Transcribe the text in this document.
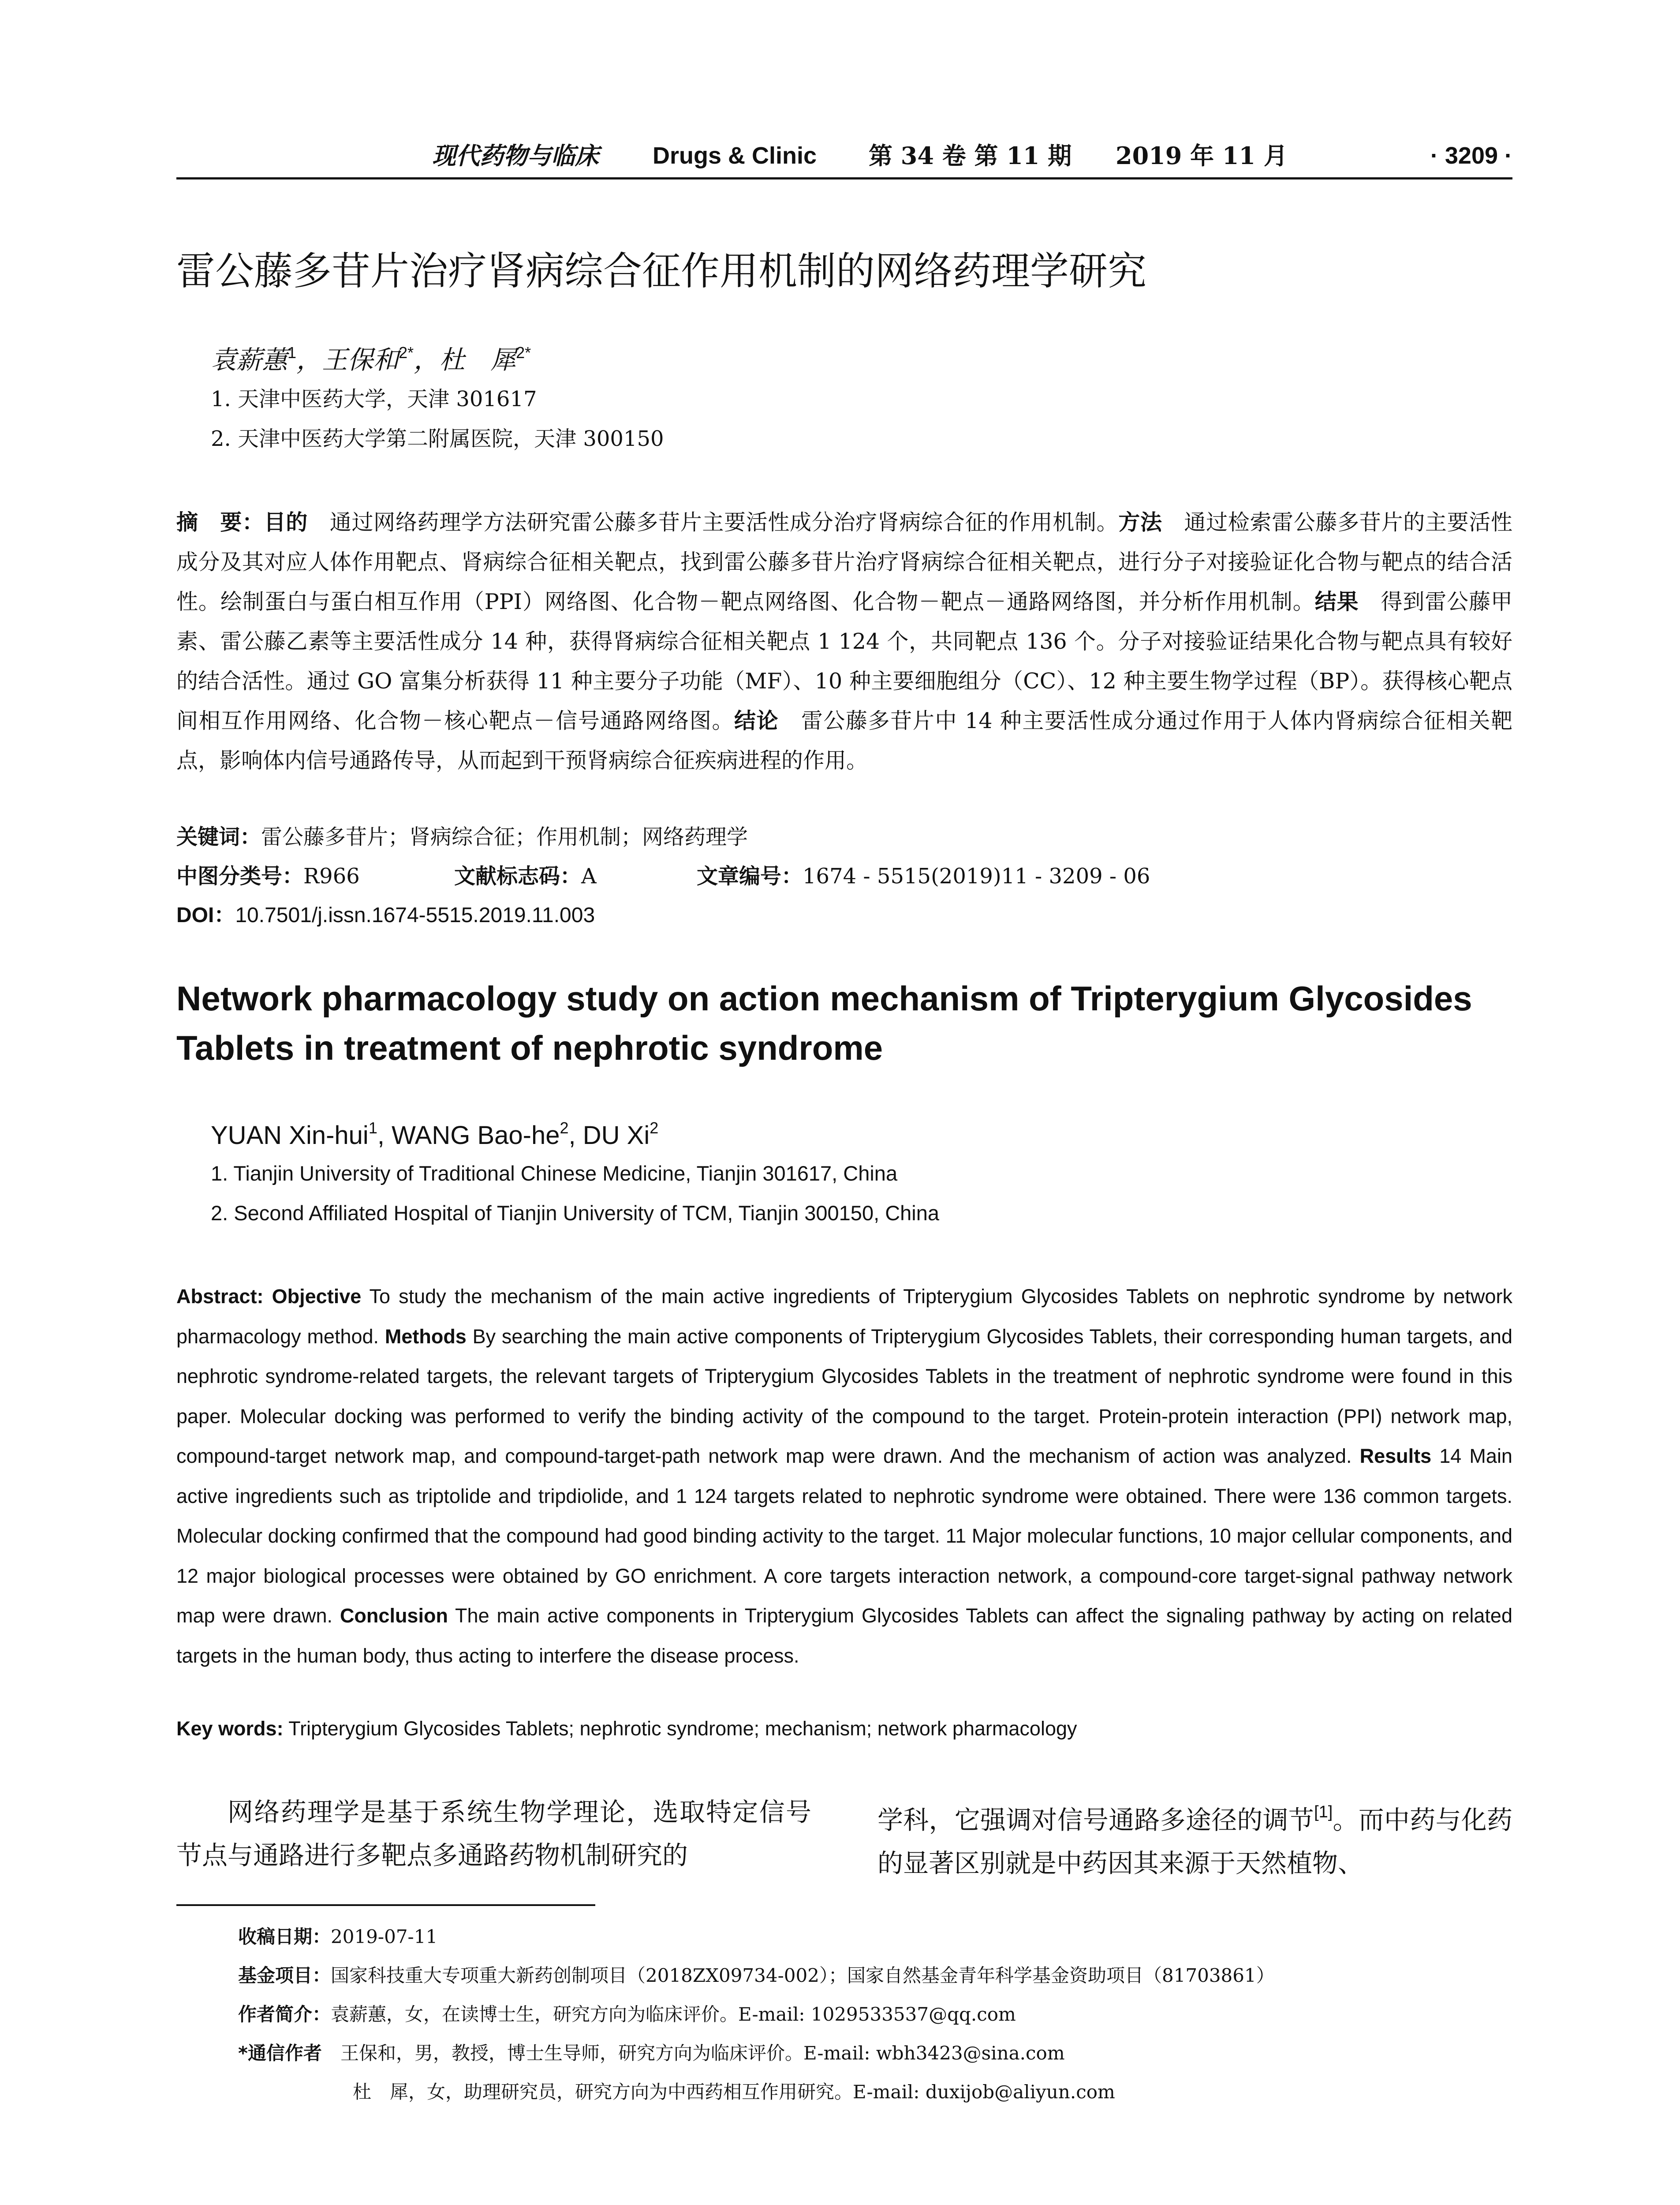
现代药物与临床 Drugs & Clinic 第 34 卷 第 11 期 2019 年 11 月	· 3209 ·
雷公藤多苷片治疗肾病综合征作用机制的网络药理学研究
袁薪蕙$^1$，王保和$^{2*}$，杜　犀$^{2*}$
1. 天津中医药大学，天津 301617
2. 天津中医药大学第二附属医院，天津 300150
摘　要：目的　通过网络药理学方法研究雷公藤多苷片主要活性成分治疗肾病综合征的作用机制。方法　通过检索雷公藤多苷片的主要活性成分及其对应人体作用靶点、肾病综合征相关靶点，找到雷公藤多苷片治疗肾病综合征相关靶点，进行分子对接验证化合物与靶点的结合活性。绘制蛋白与蛋白相互作用（PPI）网络图、化合物－靶点网络图、化合物－靶点－通路网络图，并分析作用机制。结果　得到雷公藤甲素、雷公藤乙素等主要活性成分 14 种，获得肾病综合征相关靶点 1 124 个，共同靶点 136 个。分子对接验证结果化合物与靶点具有较好的结合活性。通过 GO 富集分析获得 11 种主要分子功能（MF）、10 种主要细胞组分（CC）、12 种主要生物学过程（BP）。获得核心靶点间相互作用网络、化合物－核心靶点－信号通路网络图。结论　雷公藤多苷片中 14 种主要活性成分通过作用于人体内肾病综合征相关靶点，影响体内信号通路传导，从而起到干预肾病综合征疾病进程的作用。
关键词：雷公藤多苷片；肾病综合征；作用机制；网络药理学
中图分类号：R966	文献标志码：A	文章编号：1674 - 5515(2019)11 - 3209 - 06
DOI：10.7501/j.issn.1674-5515.2019.11.003
Network pharmacology study on action mechanism of Tripterygium Glycosides Tablets in treatment of nephrotic syndrome
YUAN Xin-hui$^1$, WANG Bao-$he^2$, DU Xi$^2$
1. Tianjin University of Traditional Chinese Medicine, Tianjin 301617, China
2. Second Affiliated Hospital of Tianjin University of TCM, Tianjin 300150, China
Abstract: Objective To study the mechanism of the main active ingredients of Tripterygium Glycosides Tablets on nephrotic syndrome by network pharmacology method. Methods By searching the main active components of Tripterygium Glycosides Tablets, their corresponding human targets, and nephrotic syndrome-related targets, the relevant targets of Tripterygium Glycosides Tablets in the treatment of nephrotic syndrome were found in this paper. Molecular docking was performed to verify the binding activity of the compound to the target. Protein-protein interaction (PPI) network map, compound-target network map, and compound-target-path network map were drawn. And the mechanism of action was analyzed. Results 14 Main active ingredients such as triptolide and tripdiolide, and 1 124 targets related to nephrotic syndrome were obtained. There were 136 common targets. Molecular docking confirmed that the compound had good binding activity to the target. 11 Major molecular functions, 10 major cellular components, and 12 major biological processes were obtained by GO enrichment. A core targets interaction network, a compound-core target-signal pathway network map were drawn. Conclusion The main active components in Tripterygium Glycosides Tablets can affect the signaling pathway by acting on related targets in the human body, thus acting to interfere the disease process.
Key words: Tripterygium Glycosides Tablets; nephrotic syndrome; mechanism; network pharmacology
网络药理学是基于系统生物学理论，选取特定信号节点与通路进行多靶点多通路药物机制研究的
学科，它强调对信号通路多途径的调节[1]。而中药与化药的显著区别就是中药因其来源于天然植物、
收稿日期：2019-07-11
基金项目：国家科技重大专项重大新药创制项目（2018ZX09734-002）；国家自然基金青年科学基金资助项目（81703861）
作者简介：袁薪蕙，女，在读博士生，研究方向为临床评价。E-mail: 1029533537@qq.com
*通信作者　王保和，男，教授，博士生导师，研究方向为临床评价。E-mail: wbh3423@sina.com
杜　犀，女，助理研究员，研究方向为中西药相互作用研究。E-mail: duxijob@aliyun.com
